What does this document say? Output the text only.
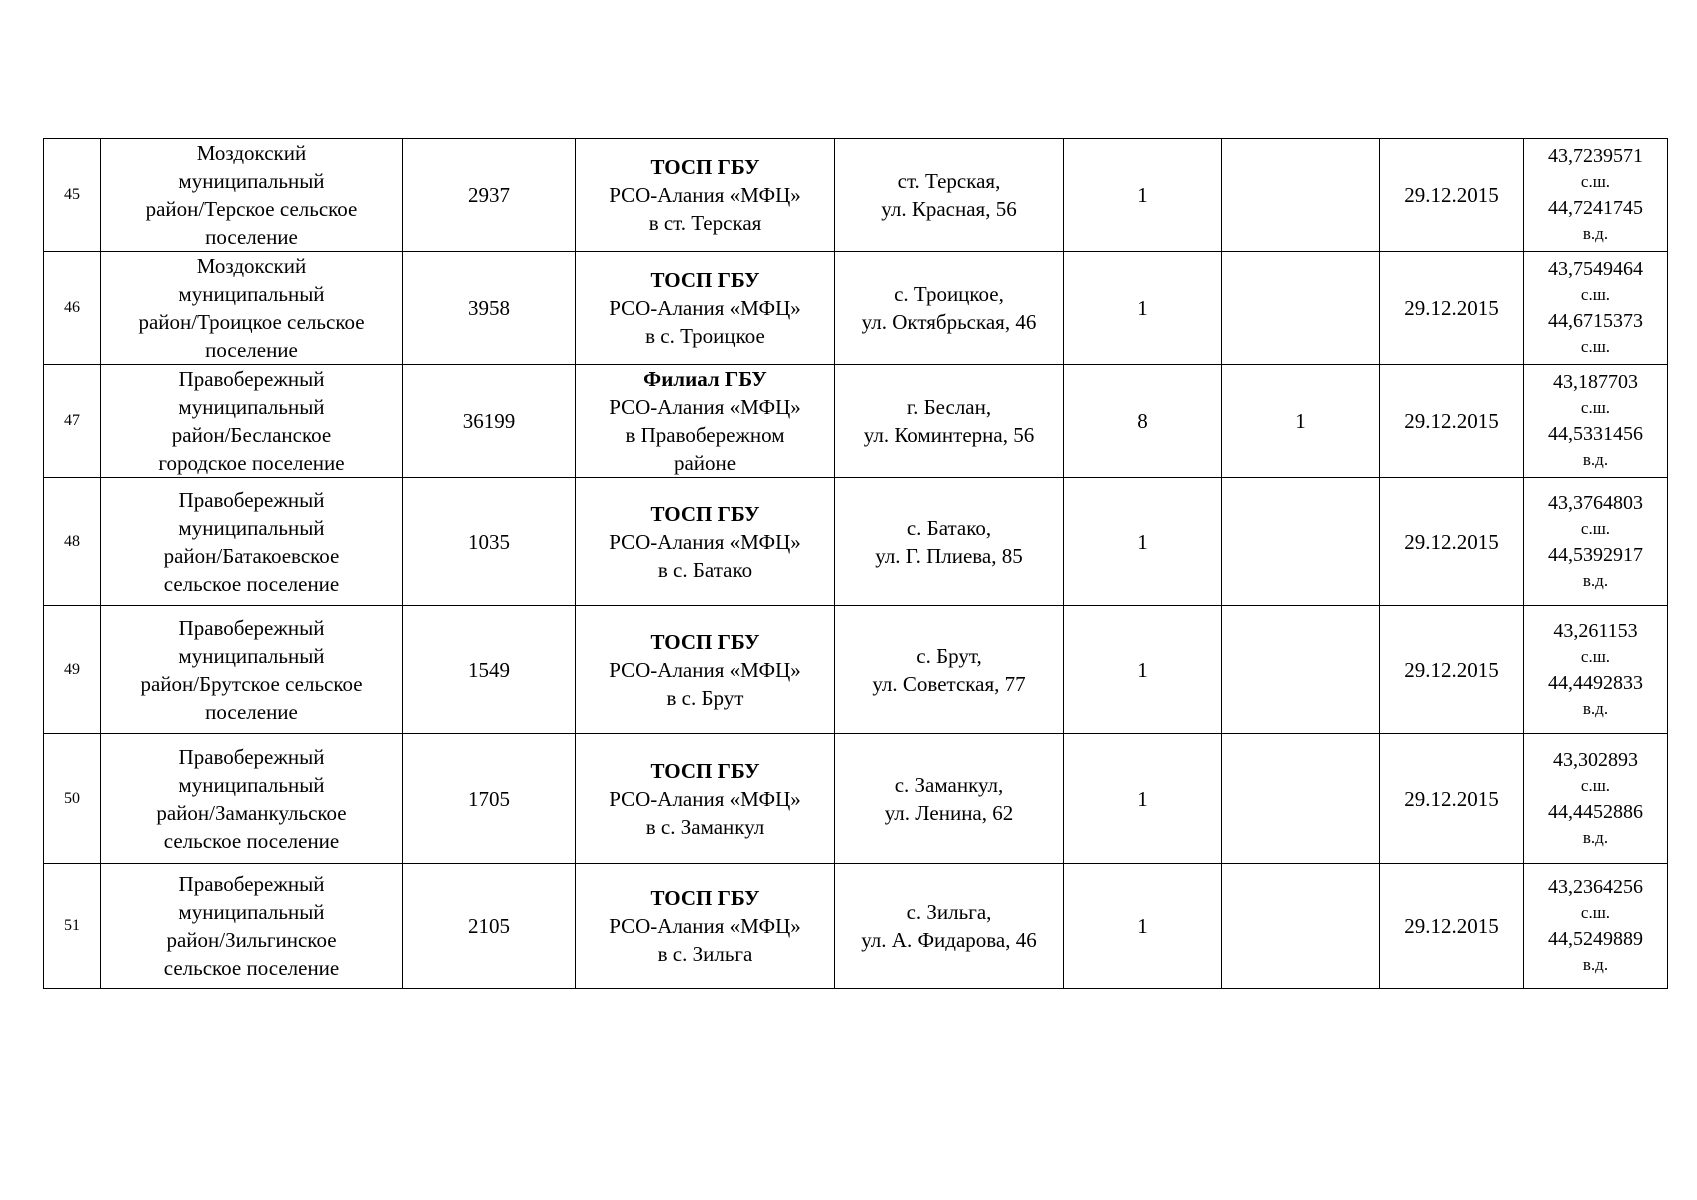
45	Моздокский
муниципальный
район/Терское сельское
поселение	2937	ТОСП ГБУ
РСО-Алания «МФЦ»
в ст. Терская	ст. Терская,
ул. Красная, 56	1		29.12.2015	43,7239571
с.ш.
44,7241745
в.д.

46	Моздокский
муниципальный
район/Троицкое сельское
поселение	3958	ТОСП ГБУ
РСО-Алания «МФЦ»
в с. Троицкое	с. Троицкое,
ул. Октябрьская, 46	1		29.12.2015	43,7549464
с.ш.
44,6715373
с.ш.

47	Правобережный
муниципальный
район/Бесланское
городское поселение	36199	Филиал ГБУ
РСО-Алания «МФЦ»
в Правобережном
районе	г. Беслан,
ул. Коминтерна, 56	8	1	29.12.2015	43,187703
с.ш.
44,5331456
в.д.

48	Правобережный
муниципальный
район/Батакоевское
сельское поселение	1035	ТОСП ГБУ
РСО-Алания «МФЦ»
в с. Батако	с. Батако,
ул. Г. Плиева, 85	1		29.12.2015	43,3764803
с.ш.
44,5392917
в.д.

49	Правобережный
муниципальный
район/Брутское сельское
поселение	1549	ТОСП ГБУ
РСО-Алания «МФЦ»
в с. Брут	с. Брут,
ул. Советская, 77	1		29.12.2015	43,261153
с.ш.
44,4492833
в.д.

50	Правобережный
муниципальный
район/Заманкульское
сельское поселение	1705	ТОСП ГБУ
РСО-Алания «МФЦ»
в с. Заманкул	с. Заманкул,
ул. Ленина, 62	1		29.12.2015	43,302893
с.ш.
44,4452886
в.д.

51	Правобережный
муниципальный
район/Зильгинское
сельское поселение	2105	ТОСП ГБУ
РСО-Алания «МФЦ»
в с. Зильга	с. Зильга,
ул. А. Фидарова, 46	1		29.12.2015	43,2364256
с.ш.
44,5249889
в.д.
